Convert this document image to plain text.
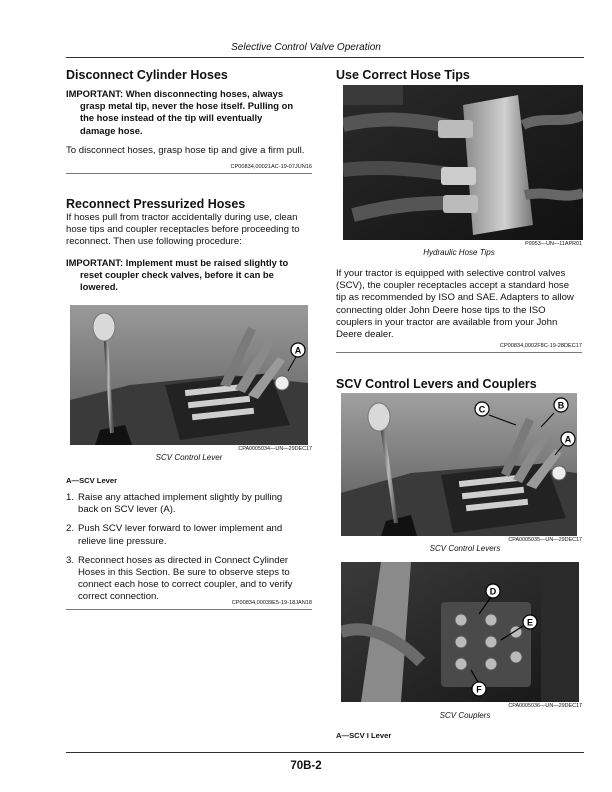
Selective Control Valve Operation
Disconnect Cylinder Hoses
IMPORTANT: When disconnecting hoses, always
grasp metal tip, never the hose itself. Pulling on
the hose instead of the tip will eventually
damage hose.
To disconnect hoses, grasp hose tip and give a firm pull.
CP00834,00021AC-19-07JUN16
Reconnect Pressurized Hoses
If hoses pull from tractor accidentally during use, clean
hose tips and coupler receptacles before proceeding to
reconnect. Then use following procedure:
IMPORTANT: Implement must be raised slightly to
reset coupler check valves, before it can be
lowered.
A
CPA0005034—UN—29DEC17
SCV Control Lever
A—SCV Lever
1. Raise any attached implement slightly by pulling
back on SCV lever (A).
2. Push SCV lever forward to lower implement and
relieve line pressure.
3. Reconnect hoses as directed in Connect Cylinder
Hoses in this Section. Be sure to observe steps to
connect each hose to correct coupler, and to verify
correct connection.
CP00834,00039E5-19-18JAN18
Use Correct Hose Tips
P9953—UN—11APR01
Hydraulic Hose Tips
If your tractor is equipped with selective control valves
(SCV), the coupler receptacles accept a standard hose
tip as recommended by ISO and SAE. Adapters to allow
connecting older John Deere hose tips to the ISO
couplers in your tractor are available from your John
Deere dealer.
CP00834,0002F8C-19-28DEC17
SCV Control Levers and Couplers
C	B
A
CPA0005035—UN—29DEC17
SCV Control Levers
D
E
F
CPA0005036—UN—29DEC17
SCV Couplers
A—SCV I Lever
70B-2
